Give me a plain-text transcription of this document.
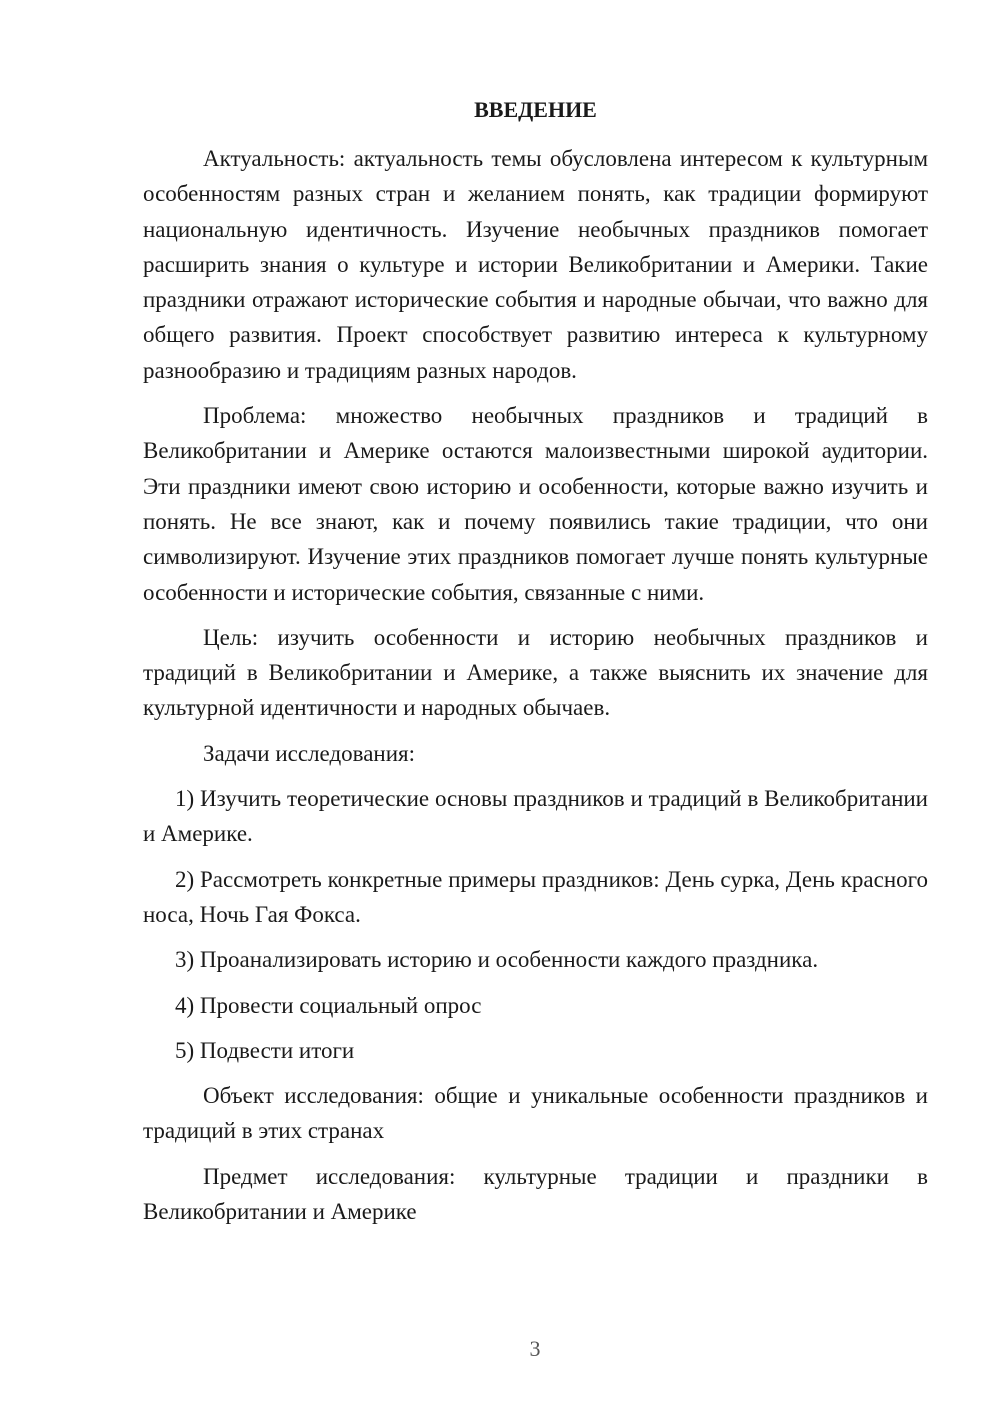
ВВЕДЕНИЕ

Актуальность: актуальность темы обусловлена интересом к культурным особенностям разных стран и желанием понять, как традиции формируют национальную идентичность. Изучение необычных праздников помогает расширить знания о культуре и истории Великобритании и Америки. Такие праздники отражают исторические события и народные обычаи, что важно для общего развития. Проект способствует развитию интереса к культурному разнообразию и традициям разных народов.

Проблема: множество необычных праздников и традиций в Великобритании и Америке остаются малоизвестными широкой аудитории. Эти праздники имеют свою историю и особенности, которые важно изучить и понять. Не все знают, как и почему появились такие традиции, что они символизируют. Изучение этих праздников помогает лучше понять культурные особенности и исторические события, связанные с ними.

Цель: изучить особенности и историю необычных праздников и традиций в Великобритании и Америке, а также выяснить их значение для культурной идентичности и народных обычаев.

Задачи исследования:

1) Изучить теоретические основы праздников и традиций в Великобритании и Америке.

2) Рассмотреть конкретные примеры праздников: День сурка, День красного носа, Ночь Гая Фокса.

3) Проанализировать историю и особенности каждого праздника.

4) Провести социальный опрос

5) Подвести итоги

Объект исследования: общие и уникальные особенности праздников и традиций в этих странах

Предмет исследования: культурные традиции и праздники в Великобритании и Америке

3
